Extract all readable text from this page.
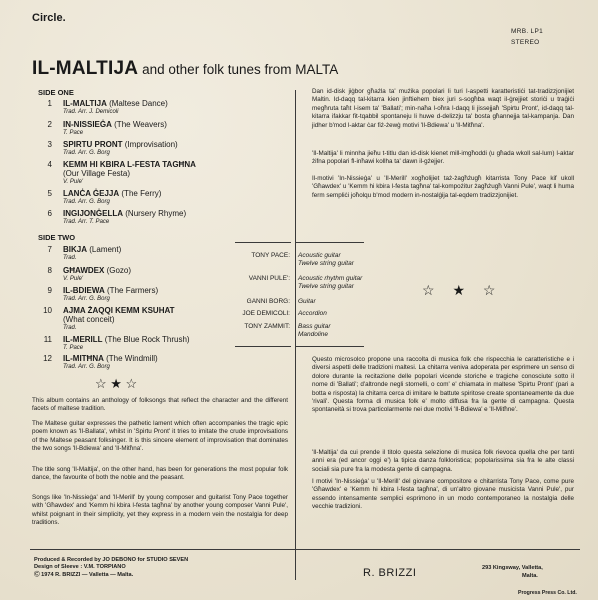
Circle.
MRB. LP1
STEREO
IL-MALTIJA and other folk tunes from MALTA
SIDE ONE
1 IL-MALTIJA (Maltese Dance)
Trad. Arr. J. Demicoli
2 IN-NISSIEĠA (The Weavers)
T. Pace
3 SPIRTU PRONT (Improvisation)
Trad. Arr. G. Borg
4 KEMM HI KBIRA L-FESTA TAGĦNA
(Our Village Festa)
V. Pule'
5 LANĊA ĠEJJA (The Ferry)
Trad. Arr. G. Borg
6 INGIJONĠELLA (Nursery Rhyme)
Trad. Arr. T. Pace
SIDE TWO
7 BIKJA (Lament)
Trad.
8 GĦAWDEX (Gozo)
V. Pule'
9 IL-BDIEWA (The Farmers)
Trad. Arr. G. Borg
10 AJMA ŻAQQI KEMM KSUHAT
(What conceit)
Trad.
11 IL-MERILL (The Blue Rock Thrush)
T. Pace
12 IL-MITĦNA (The Windmill)
Trad. Arr. G. Borg
☆ ★ ☆
This album contains an anthology of folksongs that reflect the character and the different facets of maltese tradition.
The Maltese guitar expresses the pathetic lament which often accompanies the tragic epic poem known as 'Il-Ballata', whilst in 'Spirtu Pront' it tries to imitate the crude improvisations of the Maltese peasant folksinger. It is this sincere element of improvisation that dominates the two songs 'Il-Bdiewa' and 'Il-Mitħna'.
The title song 'Il-Maltija', on the other hand, has been for generations the most popular folk dance, the favourite of both the noble and the peasant.
Songs like 'In-Nissieġa' and 'Il-Merill' by young composer and guitarist Tony Pace together with 'Għawdex' and 'Kemm hi kbira l-festa tagħna' by another young composer Vanni Pule', whilst poignant in their simplicity, yet they express in a modern vein the nostalgia for deep traditions.
Dan id-disk jiġbor għażla ta' mużika popolari li turi l-aspetti karatteristiċi tat-tradizzjonijiet Maltin. Id-daqq tal-kitarra kien jinftiehem biex juri s-sogħba waqt il-ġrejjiet storiċi u traġiċi megħruta taħt l-isem ta' 'Ballati'; min-naħa l-oħra l-daqq li jissejjaħ 'Spirtu Pront', id-daqq tal-kitarra ifakkar fit-tqabbil spontaneju li huwe d-delizzju ta' bosta għannejja tal-kampanja. Dan jidher b'mod l-aktar ċar fiż-żewġ motivi 'Il-Bdiewa' u 'Il-Mitħna'.
'Il-Maltija' li minnha jieħu t-titlu dan id-disk kienet mill-imgħoddi (u għada wkoll sal-lum) l-aktar żifna popolari fl-inħawi kollha ta' dawn il-gżejjer.
Il-motivi 'In-Nissieġa' u 'Il-Merill' xogħolijiet taż-żagħżugħ kitarrista Tony Pace kif ukoll 'Għawdex' u 'Kemm hi kbira l-festa tagħna' tal-kompożitur żagħżugħ Vanni Pule', waqt li huma ferm sempliċi joħolqu b'mod modern in-nostalġija tal-eqdem tradizzjonijiet.
TONY PACE: Acoustic guitar
Twelve string guitar
VANNI PULE': Acoustic rhythm guitar
Twelve string guitar
GANNI BORG: Guitar
JOE DEMICOLI: Accordion
TONY ZAMMIT: Bass guitar
Mandoline
☆ ★ ☆
Questo microsolco propone una raccolta di musica folk che rispecchia le caratteristiche e i diversi aspetti delle tradizioni maltesi. La chitarra veniva adoperata per esprimere un senso di dolore durante la recitazione delle popolari vicende storiche e tragiche conosciute sotto il nome di 'Ballati'; d'altronde negli stornelli, o com' e' chiamata in maltese 'Spirtu Pront' (pari a botta e risposta) la chitarra cerca di imitare le battute spiritose create spontaneamente da due 'rivali'. Questa forma di musica folk e' molto diffusa fra la gente di campagna. Questa spontaneità si trova particolarmente nei due motivi 'Il-Bdiewa' e 'Il-Mitħne'.
'Il-Maltija' da cui prende il titolo questa selezione di musica folk rievoca quella che per tanti anni era (ed ancor oggi e') la tipica danza folkloristica; popolarissima sia fra le alte classi sociali sia pure fra la modesta gente di campagna.
I motivi 'In-Nissieġa' u 'Il-Merill' del giovane compositore e chitarrista Tony Pace, come pure 'Għawdex' e 'Kemm hi kbira l-festa tagħna', di un'altro giovane musicista Vanni Pule', pur essendo intensamente semplici esprimono in un modo contemporaneo la nostalgia delle vecchie tradizioni.
Produced & Recorded by JO DEBONO for STUDIO SEVEN
Design of Sleeve : V.M. TORPIANO
Ⓒ 1974 R. BRIZZI — Valletta — Malta.	R. BRIZZI	293 Kingsway, Valletta,
Malta.
Progress Press Co. Ltd.
